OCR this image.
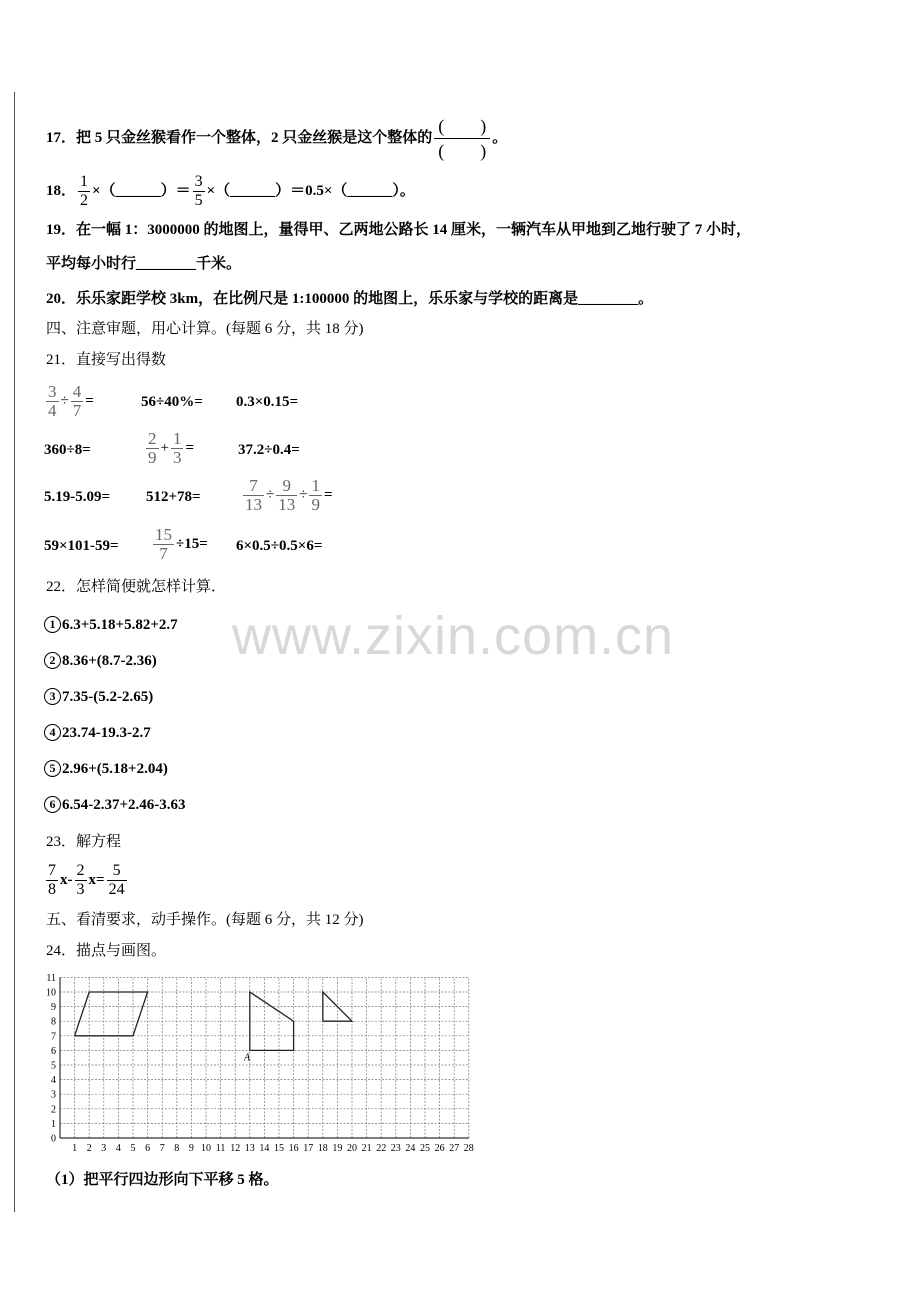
17．把 5 只金丝猴看作一个整体，2 只金丝猴是这个整体的 $\frac{( )}{( )}$ 。
18． $\frac{1}{2}$ ×（______）＝ $\frac{3}{5}$ ×（______）＝0.5×（______）。
19．在一幅 1：3000000 的地图上，量得甲、乙两地公路长 14 厘米，一辆汽车从甲地到乙地行驶了 7 小时，
平均每小时行________千米。
20．乐乐家距学校 3km，在比例尺是 1:100000 的地图上，乐乐家与学校的距离是________。
四、注意审题，用心计算。(每题 6 分，共 18 分)
21．直接写出得数
$\frac{3}{4} \div \frac{4}{7}$ =	56÷40%= 0.3×0.15=
360÷8=	$\frac{2}{9} + \frac{1}{3}$ =	37.2÷0.4=
$5.19-5.09= 512+78= \frac{7}{13} \div \frac{9}{13} \div \frac{1}{9}$ =
$59\times 101-59= \frac{15}{7} \div 15= 6\times 0.5\div 0.5\times 6=$
22．怎样简便就怎样计算．
1 6.3+5.18+5.82+2.7
2 8.36+(8.7-2.36)
3 7.35-(5.2-2.65)
4 23.74-19.3-2.7
5 2.96+(5.18+2.04)
6 6.54-2.37+2.46-3.63
www.zixin.com.cn
23．解方程
$\frac{7}{8} x- \frac{2}{3} x= \frac{5}{24}$
五、看清要求，动手操作。(每题 6 分，共 12 分)
24．描点与画图。
1 2 3 4 5 6 7 8 9 10 11 12 13 14 15 16 17 18 19 20 21 22 23 24 25 26 27 28
0
1
2
3
4
5
6
7
8
9
10
11
A
（1）把平行四边形向下平移 5 格。
